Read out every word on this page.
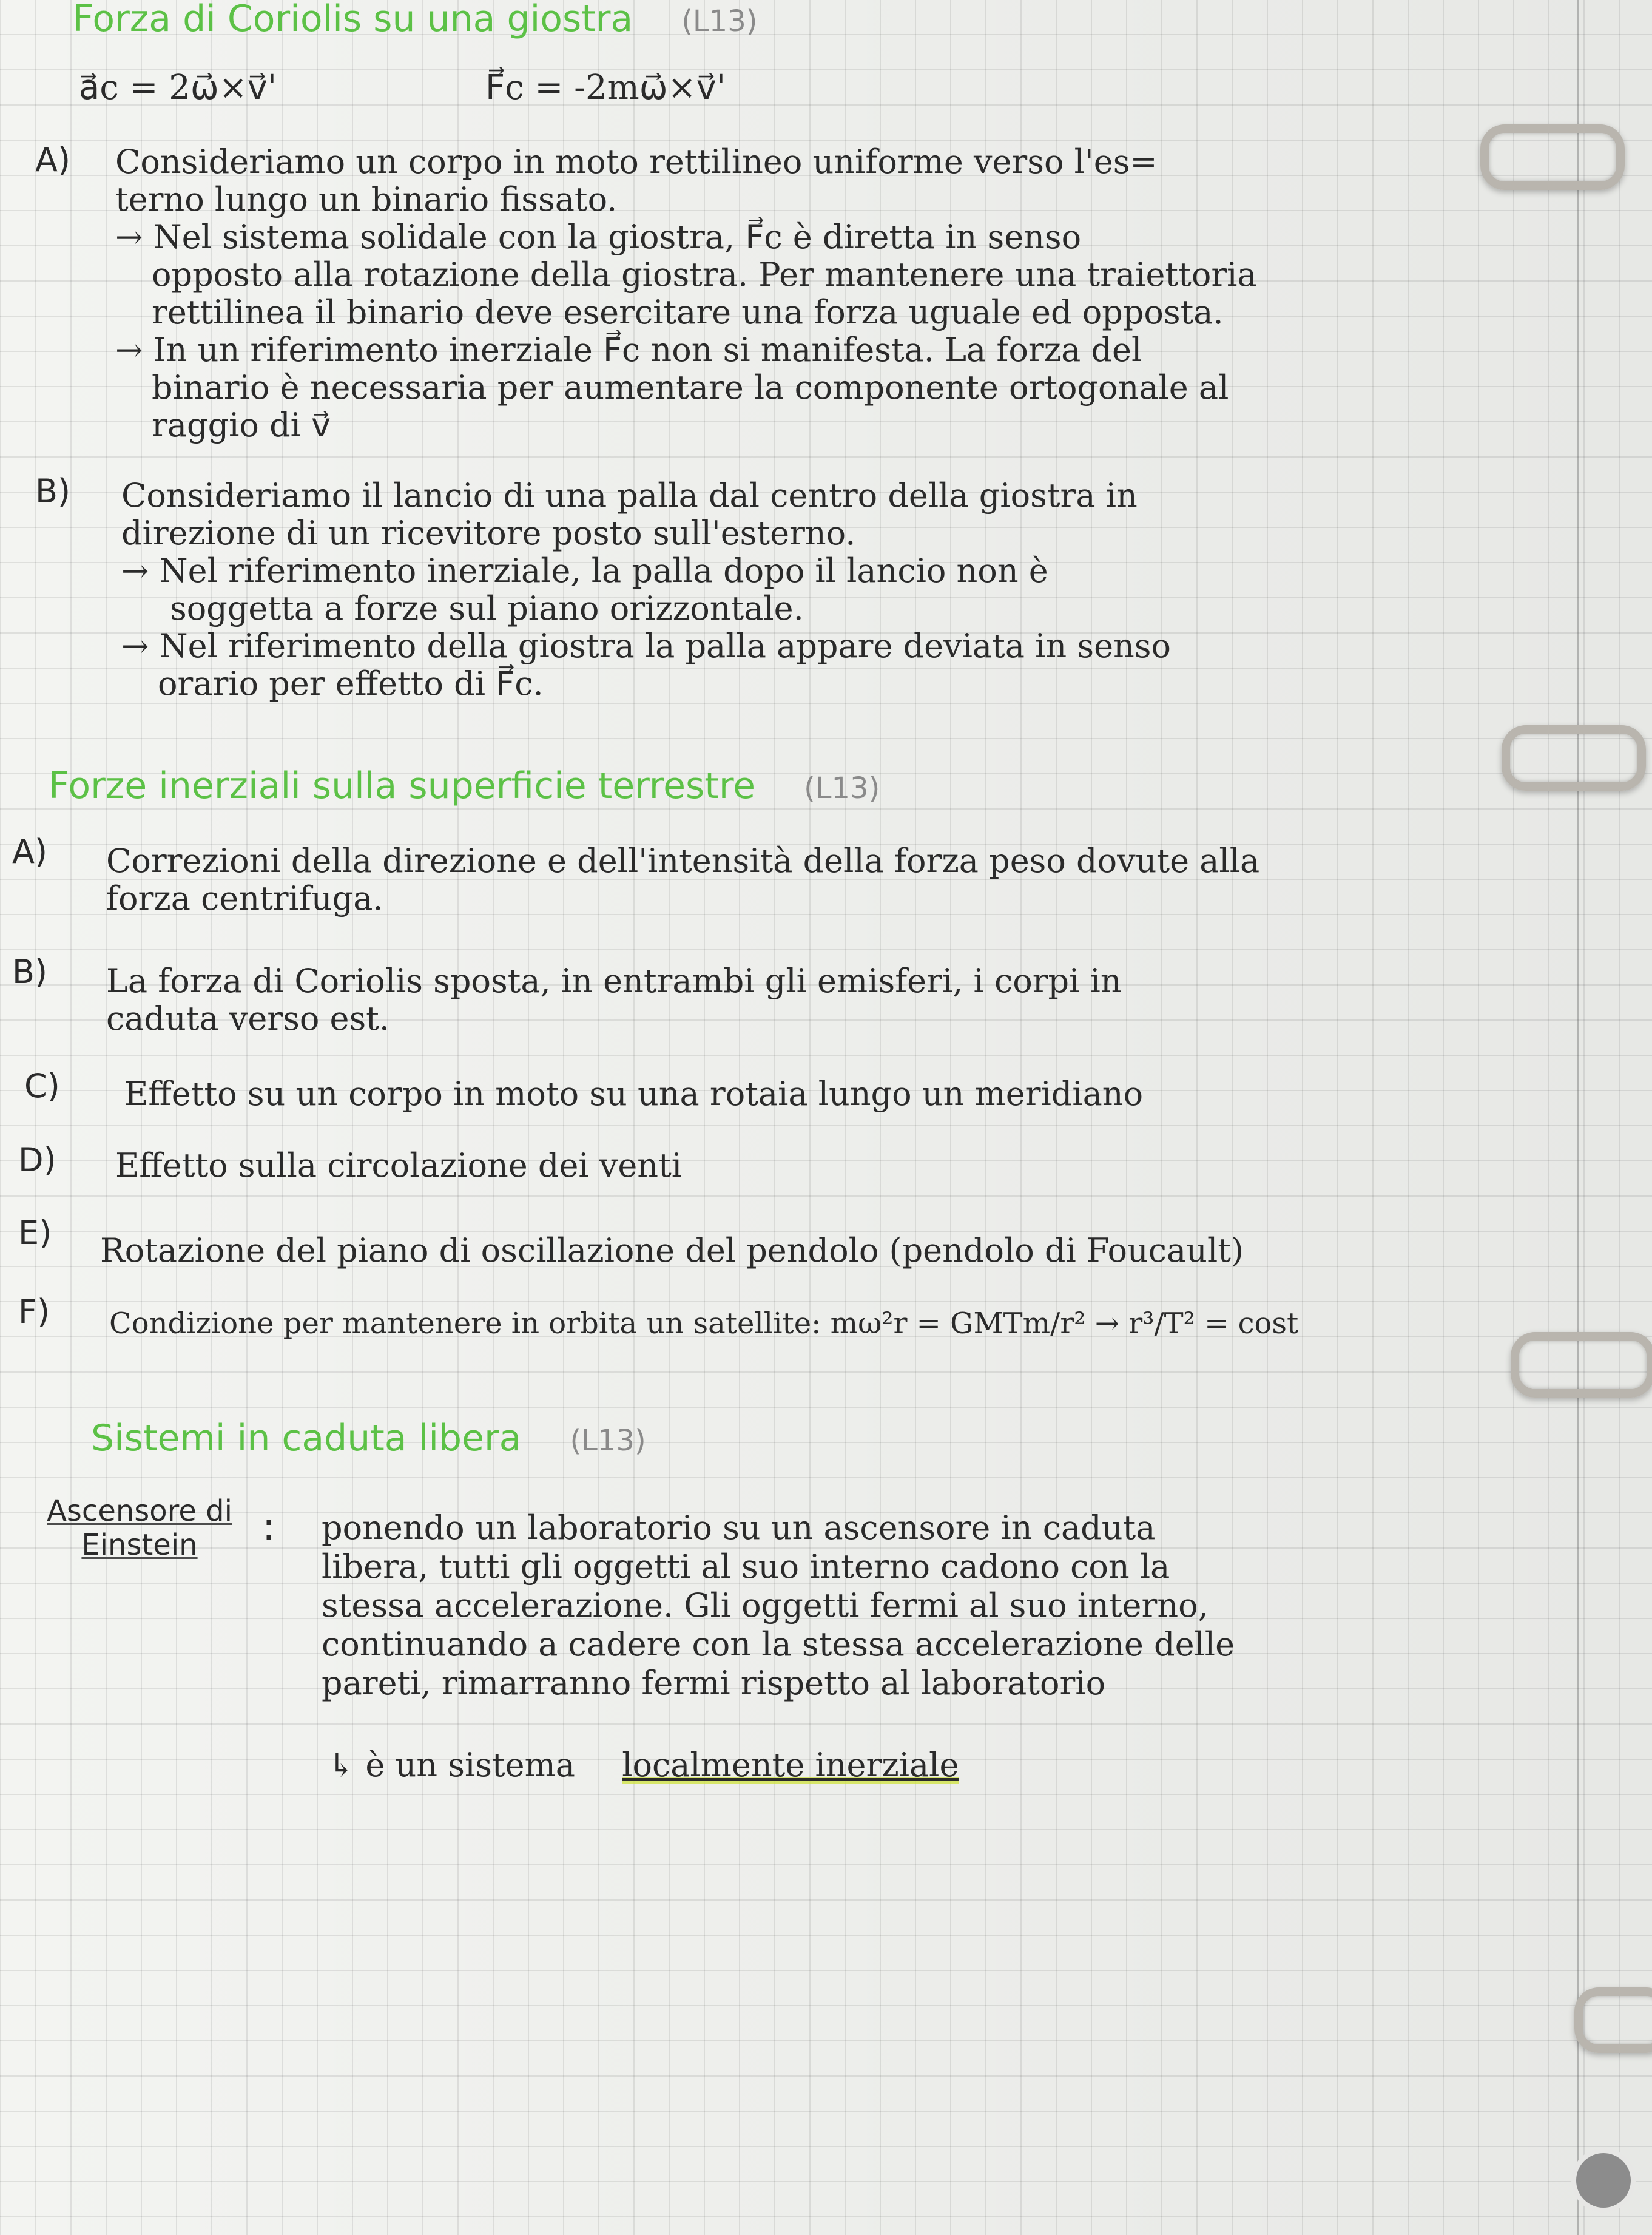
Forza di Coriolis su una giostra (L13)
a⃗c = 2ω⃗×v⃗'	F⃗c = -2mω⃗×v⃗'
A) Consideriamo un corpo in moto rettilineo uniforme verso l'es=
terno lungo un binario fissato.
→ Nel sistema solidale con la giostra, F⃗c è diretta in senso
opposto alla rotazione della giostra. Per mantenere una traiettoria
rettilinea il binario deve esercitare una forza uguale ed opposta.
→ In un riferimento inerziale F⃗c non si manifesta. La forza del
binario è necessaria per aumentare la componente ortogonale al
raggio di v⃗
B) Consideriamo il lancio di una palla dal centro della giostra in
direzione di un ricevitore posto sull'esterno.
→ Nel riferimento inerziale, la palla dopo il lancio non è
soggetta a forze sul piano orizzontale.
→ Nel riferimento della giostra la palla appare deviata in senso
orario per effetto di F⃗c.
Forze inerziali sulla superficie terrestre (L13)
A) Correzioni della direzione e dell'intensità della forza peso dovute alla
forza centrifuga.
B) La forza di Coriolis sposta, in entrambi gli emisferi, i corpi in
caduta verso est.
C) Effetto su un corpo in moto su una rotaia lungo un meridiano
D) Effetto sulla circolazione dei venti
E) Rotazione del piano di oscillazione del pendolo (pendolo di Foucault)
F) Condizione per mantenere in orbita un satellite: mω²r = GMTm/r² → r³/T² = cost
Sistemi in caduta libera (L13)
Ascensore di
Einstein	: ponendo un laboratorio su un ascensore in caduta
libera, tutti gli oggetti al suo interno cadono con la
stessa accelerazione. Gli oggetti fermi al suo interno,
continuando a cadere con la stessa accelerazione delle
pareti, rimarranno fermi rispetto al laboratorio
↳ è un sistema localmente inerziale
